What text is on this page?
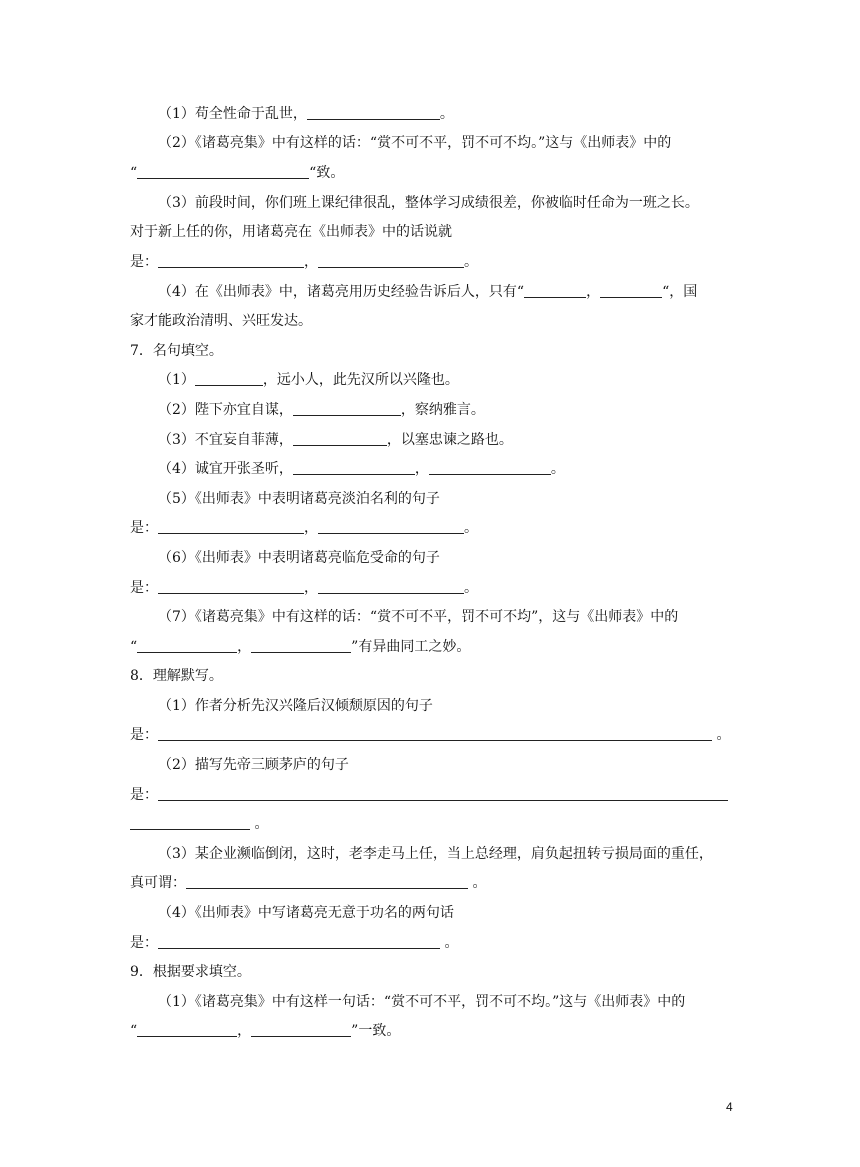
（1）苟全性命于乱世，	。
（2）《诸葛亮集》中有这样的话：“赏不可不平，罚不可不均。”这与《出师表》中的
“	“致。
（3）前段时间，你们班上课纪律很乱，整体学习成绩很差，你被临时任命为一班之长。
对于新上任的你，用诸葛亮在《出师表》中的话说就
是：	，	。
（4）在《出师表》中，诸葛亮用历史经验告诉后人，只有“	，	“，国
家才能政治清明、兴旺发达。
7．名句填空。
（1）	，远小人，此先汉所以兴隆也。
（2）陛下亦宜自谋，	，察纳雅言。
（3）不宜妄自菲薄，	，以塞忠谏之路也。
（4）诚宜开张圣听，	，	。
（5）《出师表》中表明诸葛亮淡泊名利的句子
是：	，	。
（6）《出师表》中表明诸葛亮临危受命的句子
是：	，	。
（7）《诸葛亮集》中有这样的话：“赏不可不平，罚不可不均”，这与《出师表》中的
“	，	”有异曲同工之妙。
8．理解默写。
（1）作者分析先汉兴隆后汉倾颓原因的句子
是：	。
（2）描写先帝三顾茅庐的句子
是：
。
（3）某企业濒临倒闭，这时，老李走马上任，当上总经理，肩负起扭转亏损局面的重任，
真可谓：	。
（4）《出师表》中写诸葛亮无意于功名的两句话
是：	。
9．根据要求填空。
（1）《诸葛亮集》中有这样一句话：“赏不可不平，罚不可不均。”这与《出师表》中的
“	，	”一致。
4
